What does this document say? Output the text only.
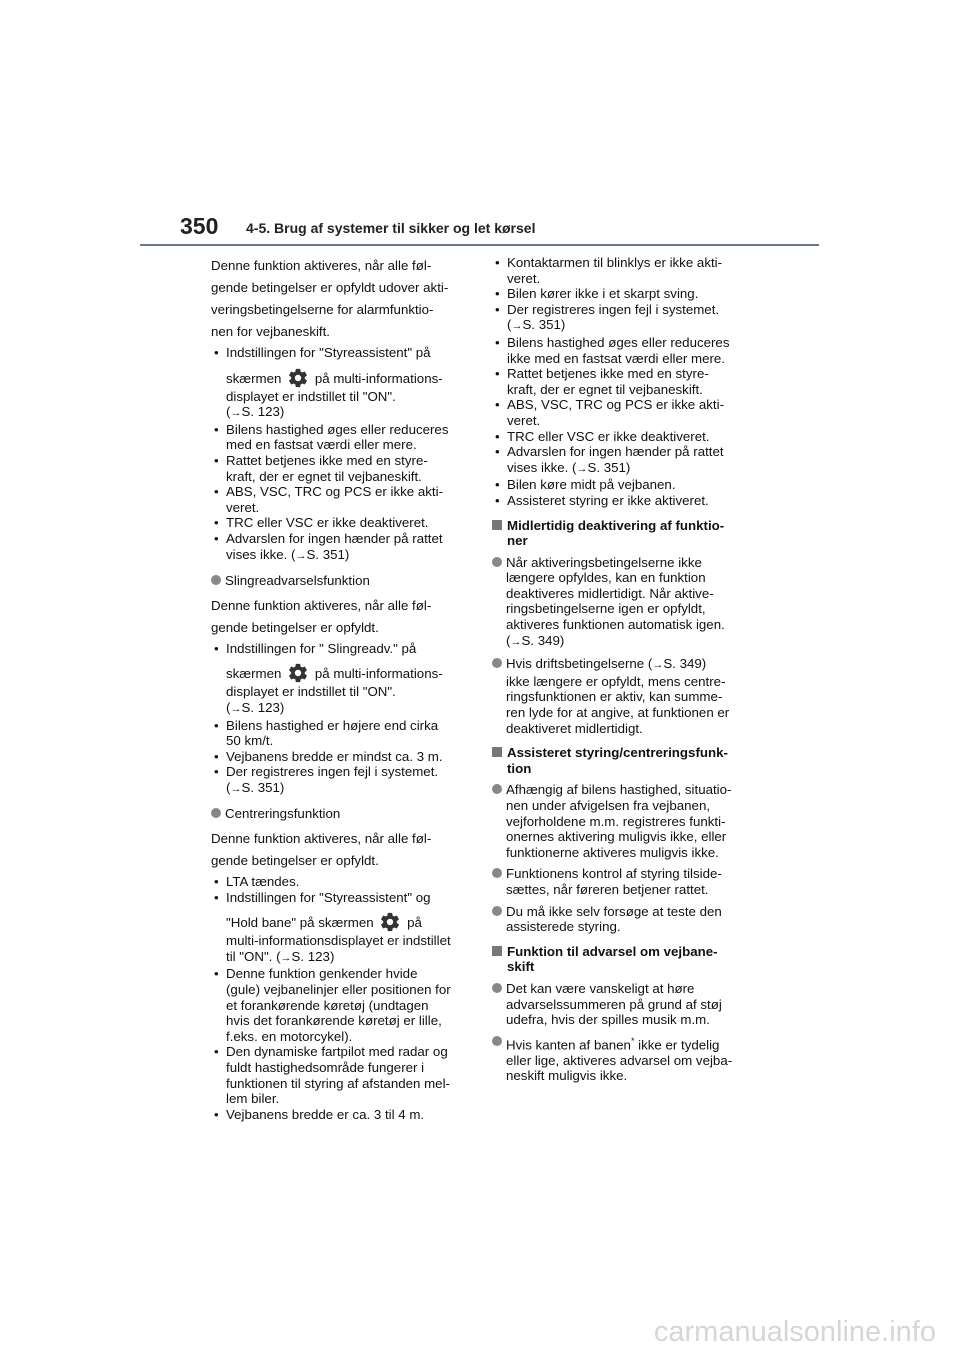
350 4-5. Brug af systemer til sikker og let kørsel
Denne funktion aktiveres, når alle føl-
gende betingelser er opfyldt udover akti-
veringsbetingelserne for alarmfunktio-
nen for vejbaneskift.
• Indstillingen for "Styreassistent" på
skærmen	på multi-informations-
displayet er indstillet til "ON".
(→S. 123)
• Bilens hastighed øges eller reduceres
med en fastsat værdi eller mere.
• Rattet betjenes ikke med en styre-
kraft, der er egnet til vejbaneskift.
• ABS, VSC, TRC og PCS er ikke akti-
veret.
• TRC eller VSC er ikke deaktiveret.
• Advarslen for ingen hænder på rattet
vises ikke. (→S. 351)
Slingreadvarselsfunktion
Denne funktion aktiveres, når alle føl-
gende betingelser er opfyldt.
• Indstillingen for " Slingreadv." på
skærmen	på multi-informations-
displayet er indstillet til "ON".
(→S. 123)
• Bilens hastighed er højere end cirka
50 km/t.
• Vejbanens bredde er mindst ca. 3 m.
• Der registreres ingen fejl i systemet.
(→S. 351)
Centreringsfunktion
Denne funktion aktiveres, når alle føl-
gende betingelser er opfyldt.
• LTA tændes.
• Indstillingen for "Styreassistent" og
"Hold bane" på skærmen	på
multi-informationsdisplayet er indstillet
til "ON". (→S. 123)
• Denne funktion genkender hvide
(gule) vejbanelinjer eller positionen for
et forankørende køretøj (undtagen
hvis det forankørende køretøj er lille,
f.eks. en motorcykel).
• Den dynamiske fartpilot med radar og
fuldt hastighedsområde fungerer i
funktionen til styring af afstanden mel-
lem biler.
• Vejbanens bredde er ca. 3 til 4 m.
• Kontaktarmen til blinklys er ikke akti-
veret.
• Bilen kører ikke i et skarpt sving.
• Der registreres ingen fejl i systemet.
(→S. 351)
• Bilens hastighed øges eller reduceres
ikke med en fastsat værdi eller mere.
• Rattet betjenes ikke med en styre-
kraft, der er egnet til vejbaneskift.
• ABS, VSC, TRC og PCS er ikke akti-
veret.
• TRC eller VSC er ikke deaktiveret.
• Advarslen for ingen hænder på rattet
vises ikke. (→S. 351)
• Bilen køre midt på vejbanen.
• Assisteret styring er ikke aktiveret.
Midlertidig deaktivering af funktio-
ner
Når aktiveringsbetingelserne ikke
længere opfyldes, kan en funktion
deaktiveres midlertidigt. Når aktive-
ringsbetingelserne igen er opfyldt,
aktiveres funktionen automatisk igen.
(→S. 349)
Hvis driftsbetingelserne (→S. 349)
ikke længere er opfyldt, mens centre-
ringsfunktionen er aktiv, kan summe-
ren lyde for at angive, at funktionen er
deaktiveret midlertidigt.
Assisteret styring/centreringsfunk-
tion
Afhængig af bilens hastighed, situatio-
nen under afvigelsen fra vejbanen,
vejforholdene m.m. registreres funkti-
onernes aktivering muligvis ikke, eller
funktionerne aktiveres muligvis ikke.
Funktionens kontrol af styring tilside-
sættes, når føreren betjener rattet.
Du må ikke selv forsøge at teste den
assisterede styring.
Funktion til advarsel om vejbane-
skift
Det kan være vanskeligt at høre
advarselssummeren på grund af støj
udefra, hvis der spilles musik m.m.
Hvis kanten af banen* ikke er tydelig
eller lige, aktiveres advarsel om vejba-
neskift muligvis ikke.
carmanualsonline.info
